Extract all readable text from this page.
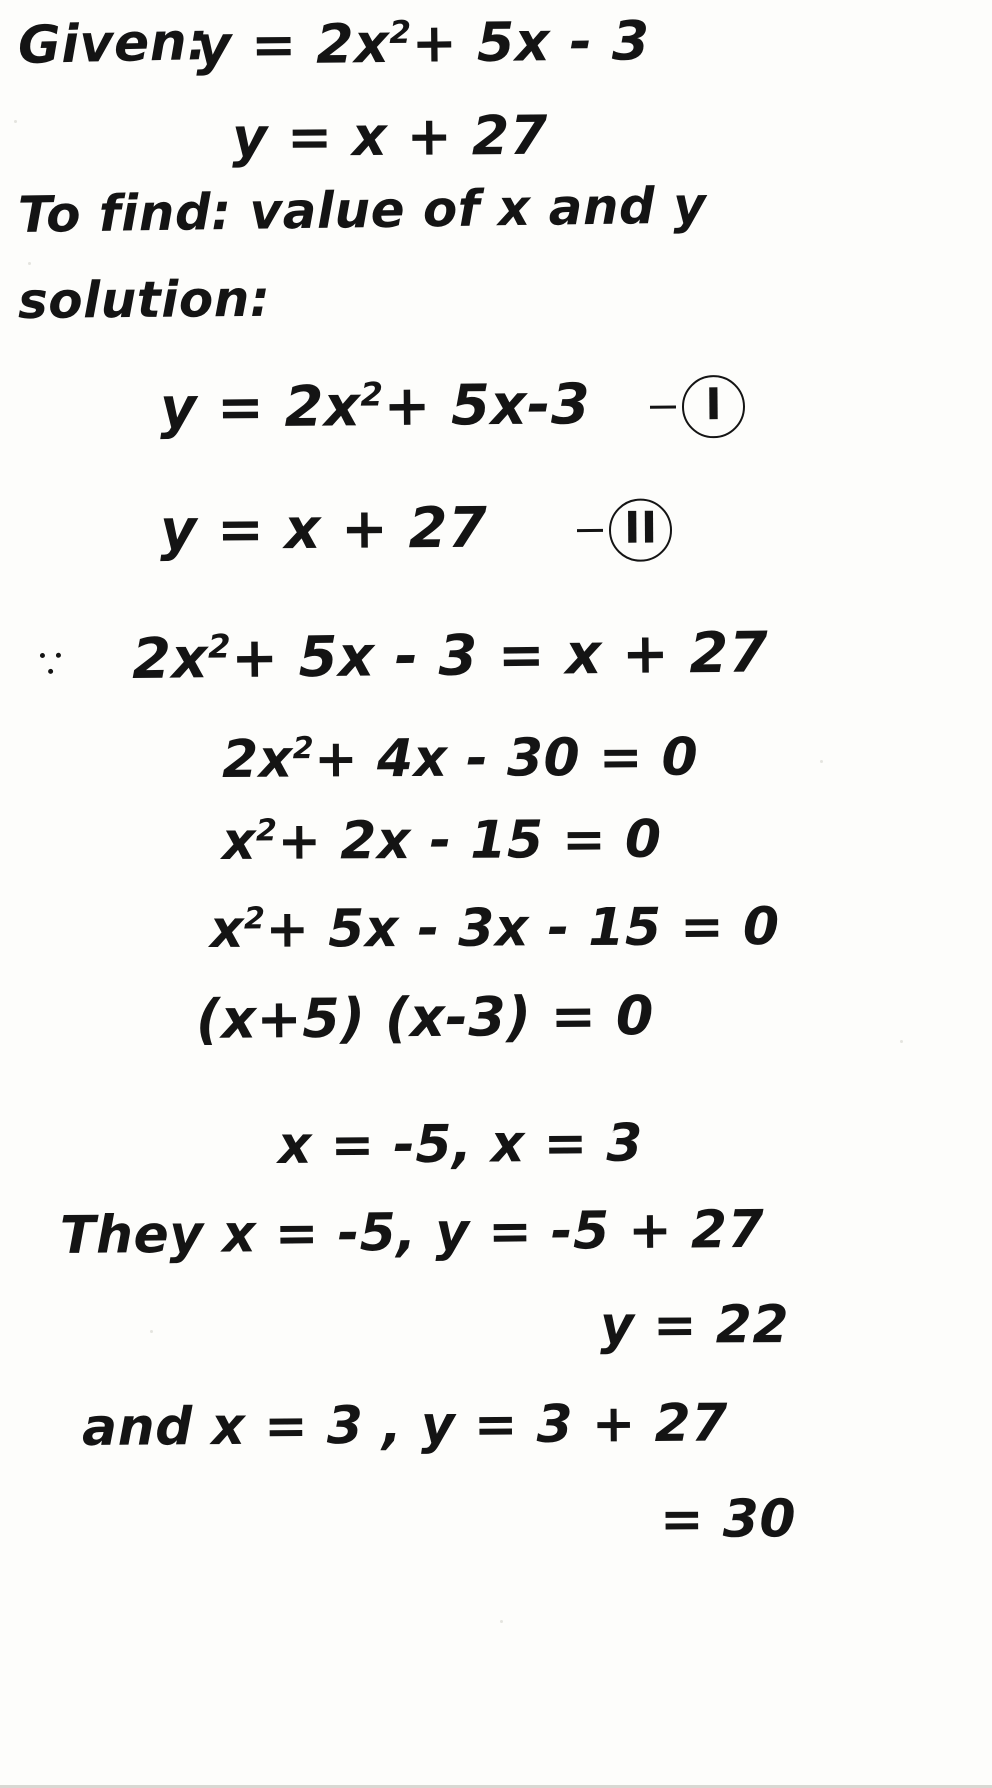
Given:
$y = 2x^2+ 5x - 3$
y = x + 27
To find: value of x and y
solution:
$y = 2x^2+ 5x-3$	I
y = x + 27	II
$2x^2+ 5x - 3 = x + 27$
$2x^2+ 4x - 30 = 0$
$x^2+ 2x - 15 = 0$
$x^2+ 5x - 3x - 15 = 0$
(x+5) (x-3) = 0
x = -5, x = 3
They x = -5, y = -5 + 27
y = 22
and x = 3 , y = 3 + 27
= 30
